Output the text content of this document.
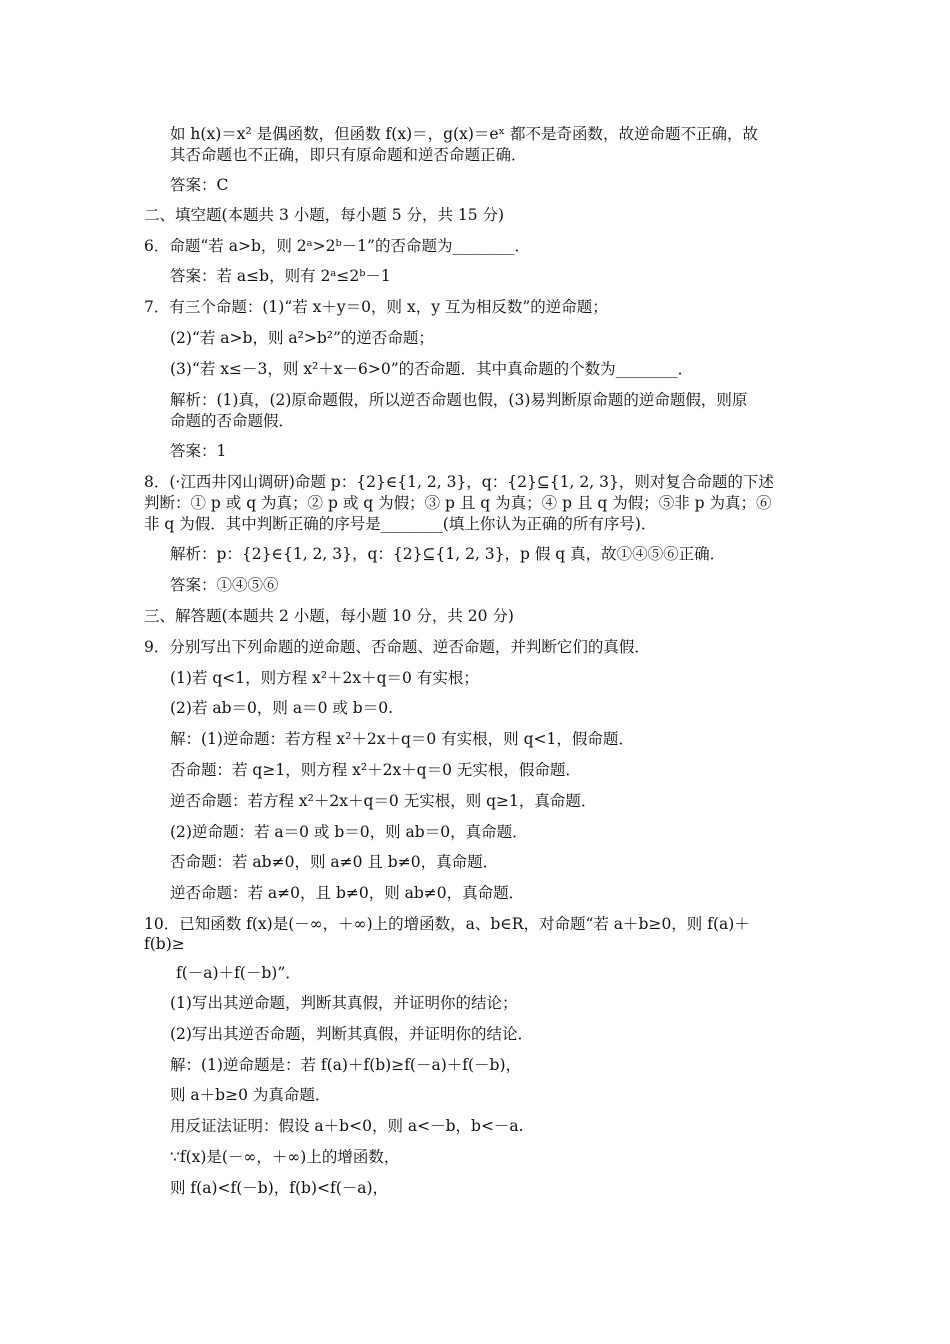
如 h(x)＝x² 是偶函数，但函数 f(x)＝，g(x)＝eˣ 都不是奇函数，故逆命题不正确，故
其否命题也不正确，即只有原命题和逆否命题正确．
答案：C
二、填空题(本题共 3 小题，每小题 5 分，共 15 分)
6．命题“若 a>b，则 2ᵃ>2ᵇ－1”的否命题为________．
答案：若 a≤b，则有 2ᵃ≤2ᵇ－1
7．有三个命题：(1)“若 x＋y＝0，则 x，y 互为相反数”的逆命题；
(2)“若 a>b，则 a²>b²”的逆否命题；
(3)“若 x≤－3，则 x²＋x－6>0”的否命题．其中真命题的个数为________．
解析：(1)真，(2)原命题假，所以逆否命题也假，(3)易判断原命题的逆命题假，则原
命题的否命题假．
答案：1
8．(·江西井冈山调研)命题 p：{2}∈{1, 2, 3}，q：{2}⊆{1, 2, 3}，则对复合命题的下述
判断：① p 或 q 为真；② p 或 q 为假；③ p 且 q 为真；④ p 且 q 为假；⑤非 p 为真；⑥
非 q 为假．其中判断正确的序号是________(填上你认为正确的所有序号)．
解析：p：{2}∈{1, 2, 3}，q：{2}⊆{1, 2, 3}，p 假 q 真，故①④⑤⑥正确．
答案：①④⑤⑥
三、解答题(本题共 2 小题，每小题 10 分，共 20 分)
9．分别写出下列命题的逆命题、否命题、逆否命题，并判断它们的真假．
(1)若 q<1，则方程 x²＋2x＋q＝0 有实根；
(2)若 ab＝0，则 a＝0 或 b＝0.
解：(1)逆命题：若方程 x²＋2x＋q＝0 有实根，则 q<1，假命题．
否命题：若 q≥1，则方程 x²＋2x＋q＝0 无实根，假命题．
逆否命题：若方程 x²＋2x＋q＝0 无实根，则 q≥1，真命题．
(2)逆命题：若 a＝0 或 b＝0，则 ab＝0，真命题．
否命题：若 ab≠0，则 a≠0 且 b≠0，真命题．
逆否命题：若 a≠0，且 b≠0，则 ab≠0，真命题．
10．已知函数 f(x)是(－∞，＋∞)上的增函数，a、b∈R，对命题“若 a＋b≥0，则 f(a)＋
f(b)≥
f(－a)＋f(－b)”．
(1)写出其逆命题，判断其真假，并证明你的结论；
(2)写出其逆否命题，判断其真假，并证明你的结论．
解：(1)逆命题是：若 f(a)＋f(b)≥f(－a)＋f(－b)，
则 a＋b≥0 为真命题．
用反证法证明：假设 a＋b<0，则 a<－b，b<－a.
∵f(x)是(－∞，＋∞)上的增函数，
则 f(a)<f(－b)，f(b)<f(－a)，
